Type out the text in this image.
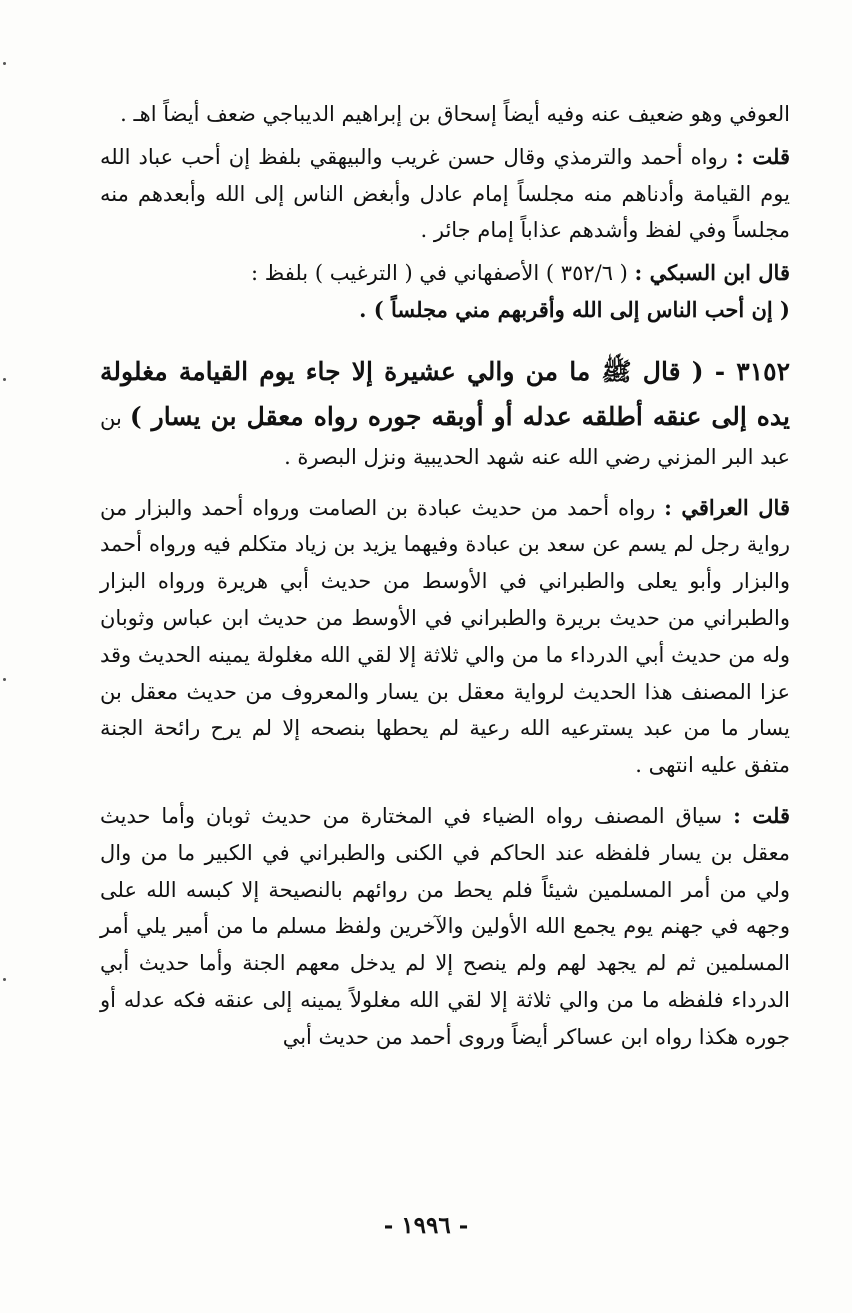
العوفي وهو ضعيف عنه وفيه أيضاً إسحاق بن إبراهيم الديباجي ضعف أيضاً اهـ .

قلت : رواه أحمد والترمذي وقال حسن غريب والبيهقي بلفظ إن أحب عباد الله يوم القيامة وأدناهم منه مجلساً إمام عادل وأبغض الناس إلى الله وأبعدهم منه مجلساً وفي لفظ وأشدهم عذاباً إمام جائر .

قال ابن السبكي : ( ٣٥٢/٦ ) الأصفهاني في ( الترغيب ) بلفظ :
( إن أحب الناس إلى الله وأقربهم مني مجلساً ) .

٣١٥٢ - ( قال ﷺ ما من والي عشيرة إلا جاء يوم القيامة مغلولة يده إلى عنقه أطلقه عدله أو أوبقه جوره رواه معقل بن يسار ) بن عبد البر المزني رضي الله عنه شهد الحديبية ونزل البصرة .

قال العراقي : رواه أحمد من حديث عبادة بن الصامت ورواه أحمد والبزار من رواية رجل لم يسم عن سعد بن عبادة وفيهما يزيد بن زياد متكلم فيه ورواه أحمد والبزار وأبو يعلى والطبراني في الأوسط من حديث أبي هريرة ورواه البزار والطبراني من حديث بريرة والطبراني في الأوسط من حديث ابن عباس وثوبان وله من حديث أبي الدرداء ما من والي ثلاثة إلا لقي الله مغلولة يمينه الحديث وقد عزا المصنف هذا الحديث لرواية معقل بن يسار والمعروف من حديث معقل بن يسار ما من عبد يسترعيه الله رعية لم يحطها بنصحه إلا لم يرح رائحة الجنة متفق عليه انتهى .

قلت : سياق المصنف رواه الضياء في المختارة من حديث ثوبان وأما حديث معقل بن يسار فلفظه عند الحاكم في الكنى والطبراني في الكبير ما من وال ولي من أمر المسلمين شيئاً فلم يحط من روائهم بالنصيحة إلا كبسه الله على وجهه في جهنم يوم يجمع الله الأولين والآخرين ولفظ مسلم ما من أمير يلي أمر المسلمين ثم لم يجهد لهم ولم ينصح إلا لم يدخل معهم الجنة وأما حديث أبي الدرداء فلفظه ما من والي ثلاثة إلا لقي الله مغلولاً يمينه إلى عنقه فكه عدله أو جوره هكذا رواه ابن عساكر أيضاً وروى أحمد من حديث أبي

- ١٩٩٦ -
